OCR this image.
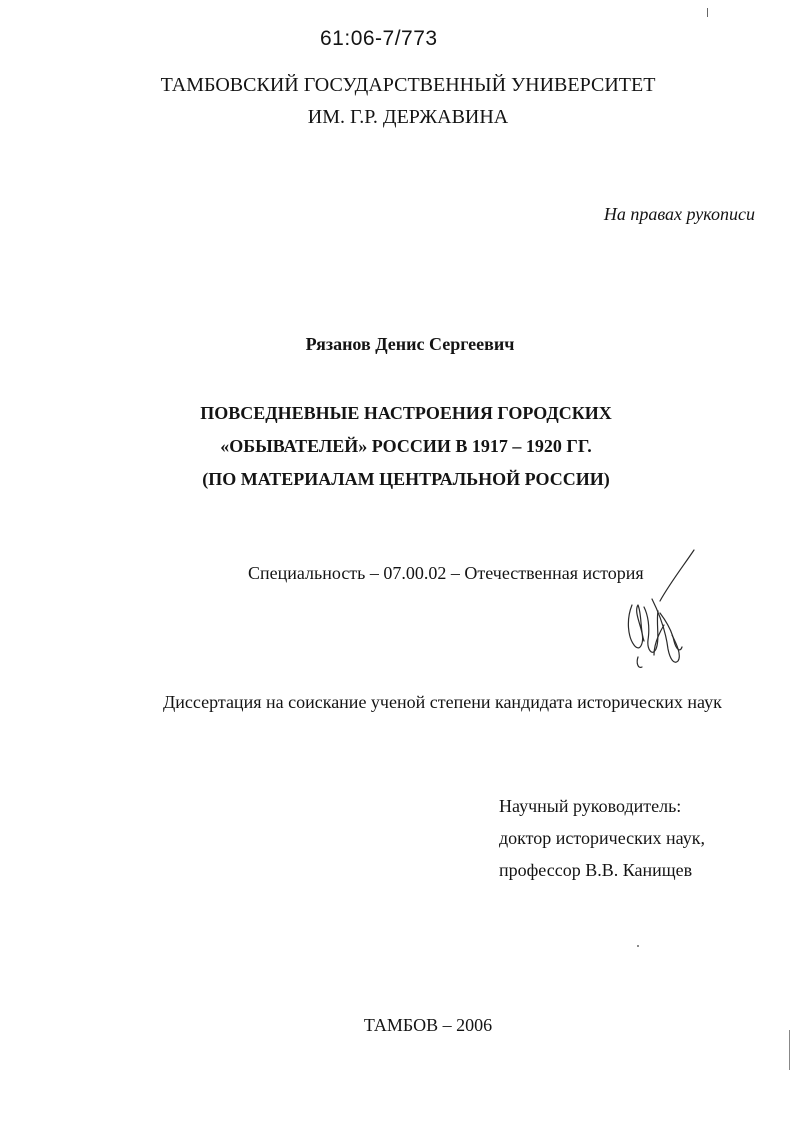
61:06-7/773
ТАМБОВСКИЙ ГОСУДАРСТВЕННЫЙ УНИВЕРСИТЕТ
ИМ. Г.Р. ДЕРЖАВИНА
На правах рукописи
Рязанов Денис Сергеевич
ПОВСЕДНЕВНЫЕ НАСТРОЕНИЯ ГОРОДСКИХ
«ОБЫВАТЕЛЕЙ» РОССИИ В 1917 – 1920 ГГ.
(ПО МАТЕРИАЛАМ ЦЕНТРАЛЬНОЙ РОССИИ)
Специальность – 07.00.02 – Отечественная история
Диссертация на соискание ученой степени кандидата исторических наук
Научный руководитель:
доктор исторических наук,
профессор В.В. Канищев
ТАМБОВ – 2006
